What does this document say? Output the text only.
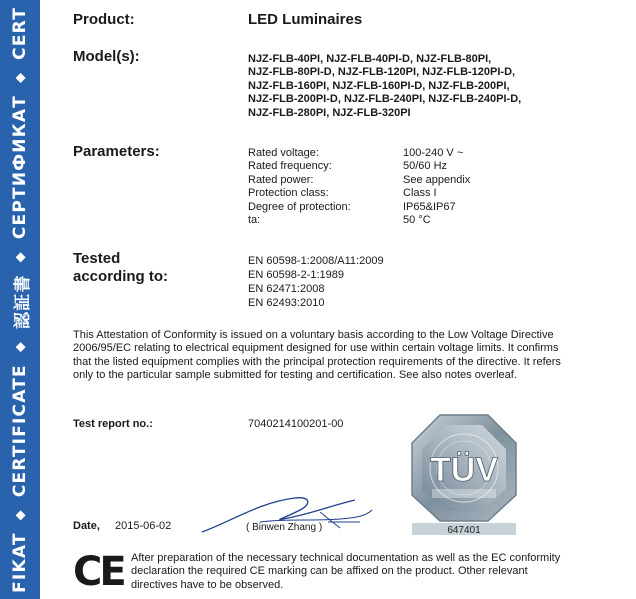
FIKAT
◆
CERTIFICATE
◆
認証書
◆
СЕРТИФИКАТ
◆
CERT	Product:	LED Luminaires
Model(s):	NJZ-FLB-40PI, NJZ-FLB-40PI-D, NJZ-FLB-80PI,
NJZ-FLB-80PI-D, NJZ-FLB-120PI, NJZ-FLB-120PI-D,
NJZ-FLB-160PI, NJZ-FLB-160PI-D, NJZ-FLB-200PI,
NJZ-FLB-200PI-D, NJZ-FLB-240PI, NJZ-FLB-240PI-D,
NJZ-FLB-280PI, NJZ-FLB-320PI
Parameters:	Rated voltage:	100-240 V ~
Rated frequency:	50/60 Hz
Rated power:	See appendix
Protection class:	Class I
Degree of protection:	IP65&IP67
ta:	50 °C
Tested
according to:
EN 60598-1:2008/A11:2009
EN 60598-2-1:1989
EN 62471:2008
EN 62493:2010
This Attestation of Conformity is issued on a voluntary basis according to the Low Voltage Directive 2006/95/EC relating to electrical equipment designed for use within certain voltage limits. It confirms that the listed equipment complies with the principal protection requirements of the directive. It refers only to the particular sample submitted for testing and certification. See also notes overleaf.
Test report no.:	7040214100201-00
TÜV
647401
Date, 2015-06-02	( Binwen Zhang )
CE After preparation of the necessary technical documentation as well as the EC conformity declaration the required CE marking can be affixed on the product. Other relevant directives have to be observed.
